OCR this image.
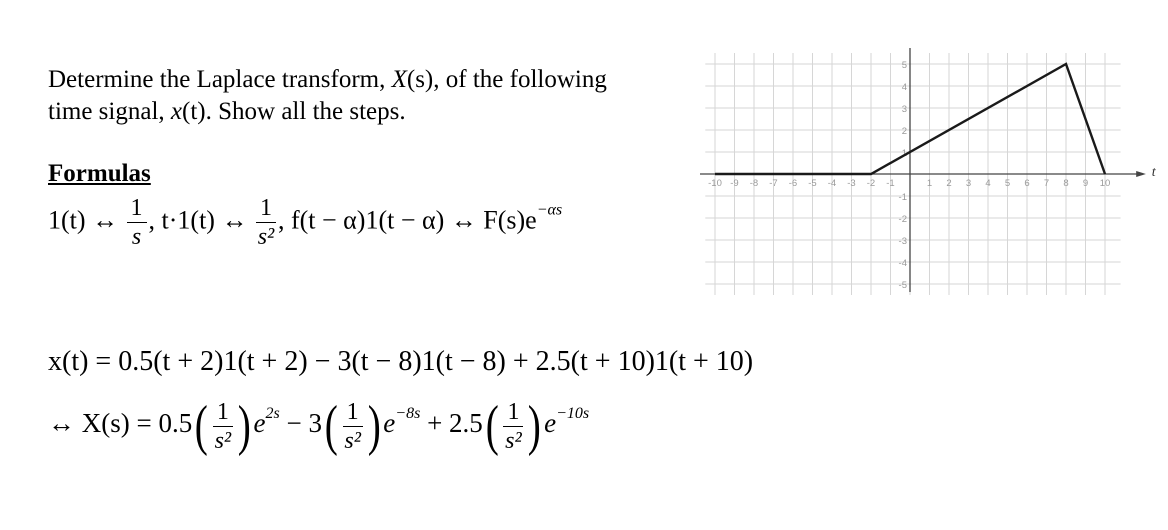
Determine the Laplace transform, X(s), of the following
time signal, x(t). Show all the steps.
Formulas
1(t) ↔ $\frac{1}{s}$ , t·1(t) ↔ $\frac{1}{\text{s²}}$ , f(t − α)1(t − α) ↔ $F(s)e^{-\alpha s}$
x(t) = 0.5(t + 2)1(t + 2) − 3(t − 8)1(t − 8) + 2.5(t + 10)1(t + 10)
↔ $X(s) = 0.5( \frac{1}{\text{s²}}$ ) $e^{2s} - 3( \frac{1}{\text{s²}}$ ) $e^{-8s} + 2.5( \frac{1}{\text{s²}}$ ) $e^{-10s}$
-10 -9 -8 -7 -6 -5 -4 -3 -2 -1	1 2 3 4 5 6 7 8 9 10
5
4
3
2
1
-1
-2
-3
-4
-5
t
